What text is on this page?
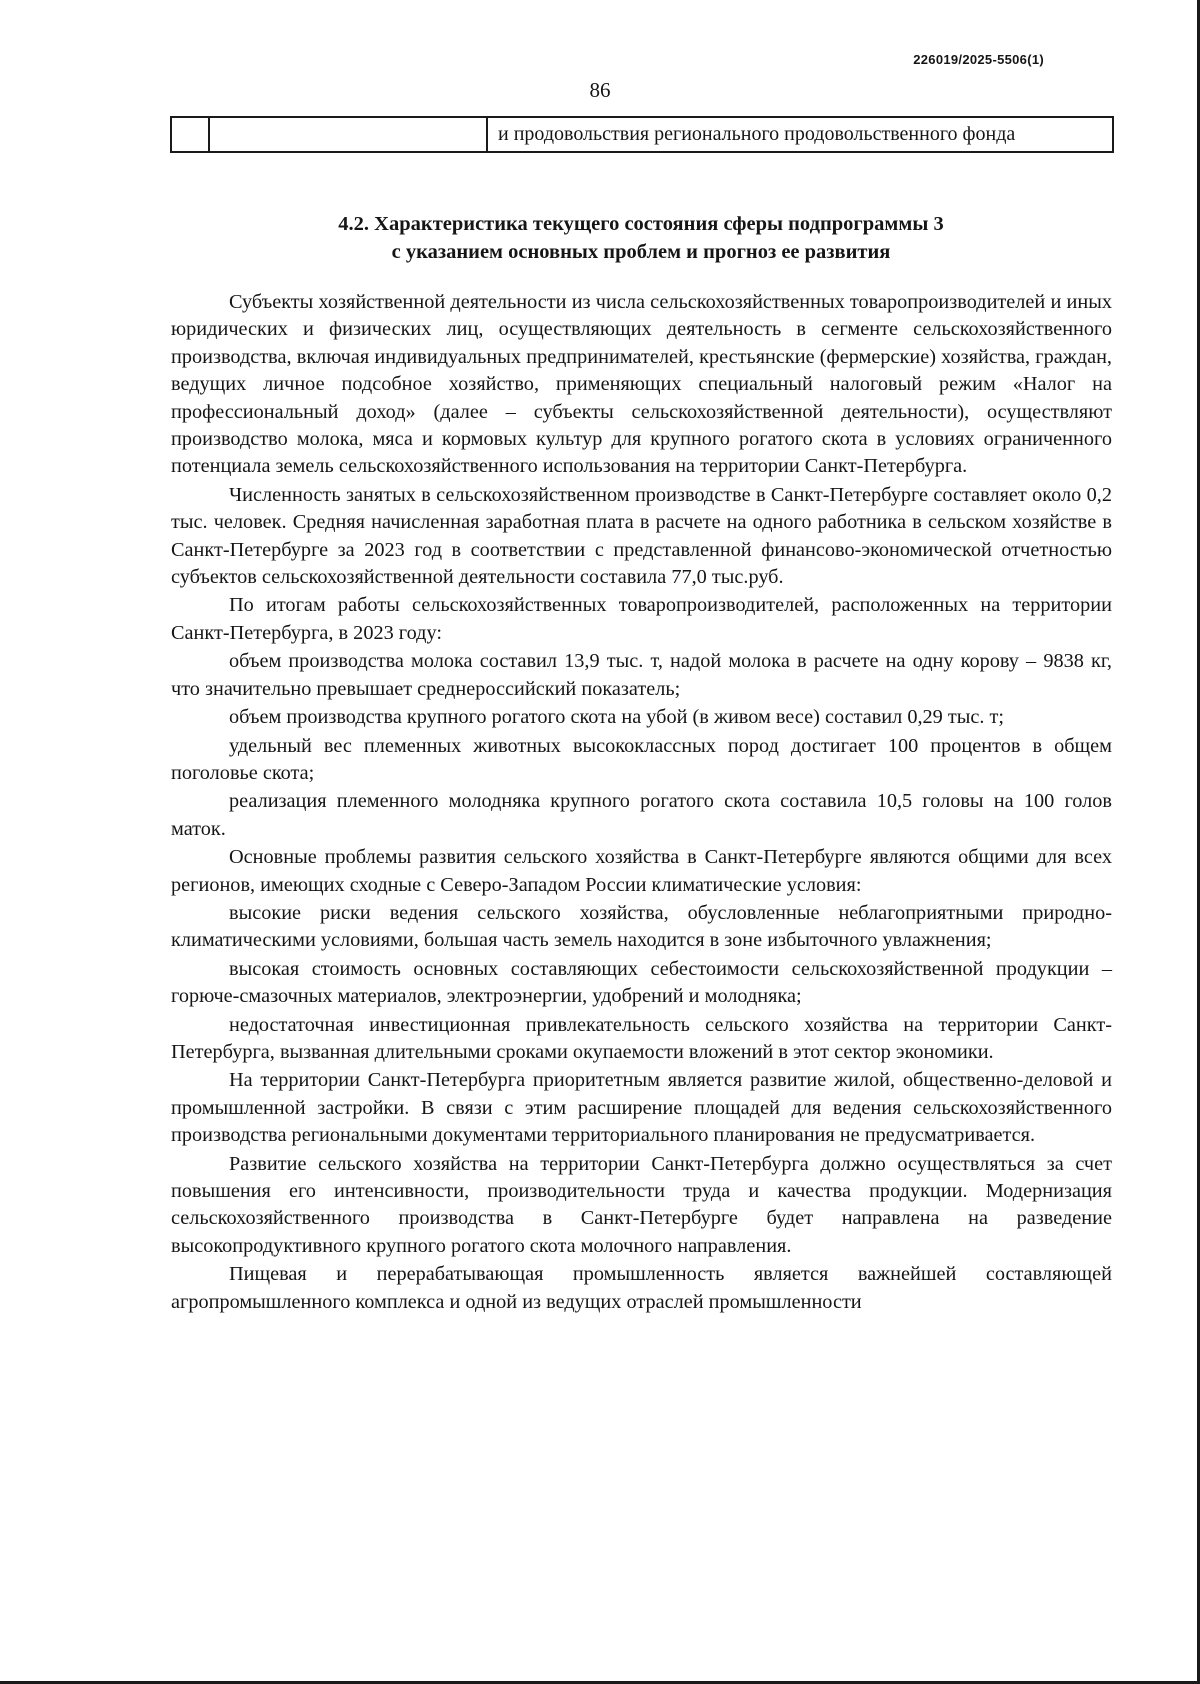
226019/2025-5506(1)
86
		и продовольствия регионального продовольственного фонда
4.2. Характеристика текущего состояния сферы подпрограммы 3
с указанием основных проблем и прогноз ее развития

Субъекты хозяйственной деятельности из числа сельскохозяйственных товаропроизводителей и иных юридических и физических лиц, осуществляющих деятельность в сегменте сельскохозяйственного производства, включая индивидуальных предпринимателей, крестьянские (фермерские) хозяйства, граждан, ведущих личное подсобное хозяйство, применяющих специальный налоговый режим «Налог на профессиональный доход» (далее – субъекты сельскохозяйственной деятельности), осуществляют производство молока, мяса и кормовых культур для крупного рогатого скота в условиях ограниченного потенциала земель сельскохозяйственного использования на территории Санкт-Петербурга.

Численность занятых в сельскохозяйственном производстве в Санкт-Петербурге составляет около 0,2 тыс. человек. Средняя начисленная заработная плата в расчете на одного работника в сельском хозяйстве в Санкт-Петербурге за 2023 год в соответствии с представленной финансово-экономической отчетностью субъектов сельскохозяйственной деятельности составила 77,0 тыс.руб.

По итогам работы сельскохозяйственных товаропроизводителей, расположенных на территории Санкт-Петербурга, в 2023 году:

объем производства молока составил 13,9 тыс. т, надой молока в расчете на одну корову – 9838 кг, что значительно превышает среднероссийский показатель;

объем производства крупного рогатого скота на убой (в живом весе) составил 0,29 тыс. т;

удельный вес племенных животных высококлассных пород достигает 100 процентов в общем поголовье скота;

реализация племенного молодняка крупного рогатого скота составила 10,5 головы на 100 голов маток.

Основные проблемы развития сельского хозяйства в Санкт-Петербурге являются общими для всех регионов, имеющих сходные с Северо-Западом России климатические условия:

высокие риски ведения сельского хозяйства, обусловленные неблагоприятными природно-климатическими условиями, большая часть земель находится в зоне избыточного увлажнения;

высокая стоимость основных составляющих себестоимости сельскохозяйственной продукции – горюче-смазочных материалов, электроэнергии, удобрений и молодняка;

недостаточная инвестиционная привлекательность сельского хозяйства на территории Санкт-Петербурга, вызванная длительными сроками окупаемости вложений в этот сектор экономики.

На территории Санкт-Петербурга приоритетным является развитие жилой, общественно-деловой и промышленной застройки. В связи с этим расширение площадей для ведения сельскохозяйственного производства региональными документами территориального планирования не предусматривается.

Развитие сельского хозяйства на территории Санкт-Петербурга должно осуществляться за счет повышения его интенсивности, производительности труда и качества продукции. Модернизация сельскохозяйственного производства в Санкт-Петербурге будет направлена на разведение высокопродуктивного крупного рогатого скота молочного направления.

Пищевая и перерабатывающая промышленность является важнейшей составляющей агропромышленного комплекса и одной из ведущих отраслей промышленности
